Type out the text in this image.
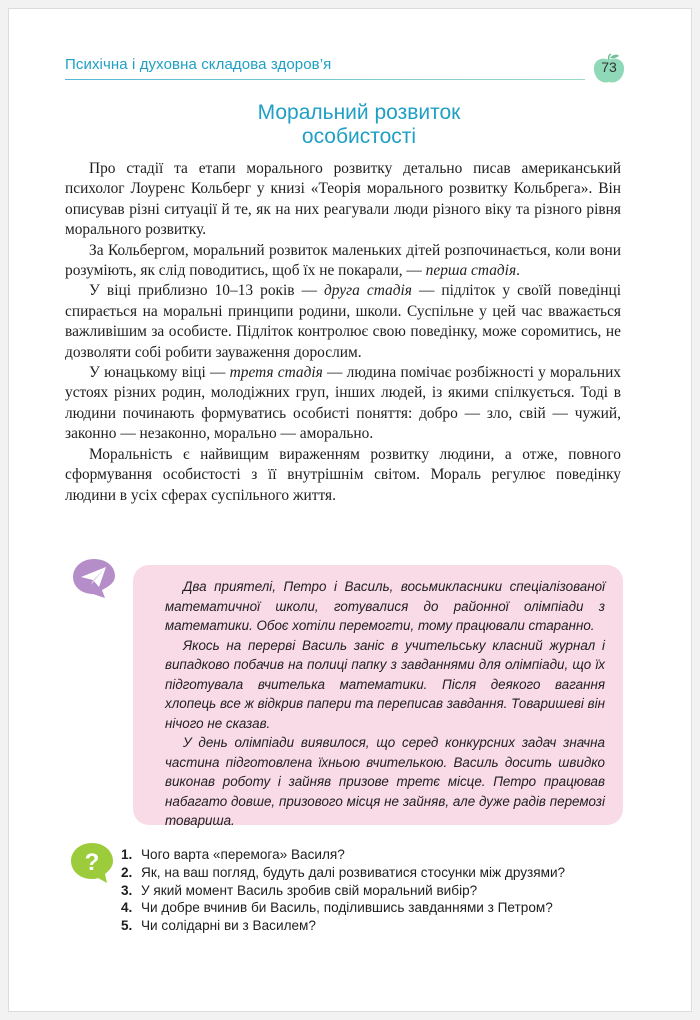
Психічна і духовна складова здоров’я	73
Моральний розвиток
особистості

Про стадії та етапи морального розвитку детально писав американський психолог Лоуренс Кольберг у книзі «Теорія морального розвитку Кольбрега». Він описував різні ситуації й те, як на них реагували люди різного віку та різного рівня морального розвитку.

За Кольбергом, моральний розвиток маленьких дітей розпочинається, коли вони розуміють, як слід поводитись, щоб їх не покарали, — перша стадія.

У віці приблизно 10–13 років — друга стадія — підліток у своїй поведінці спирається на моральні принципи родини, школи. Суспільне у цей час вважається важливішим за особисте. Підліток контролює свою поведінку, може соромитись, не дозволяти собі робити зауваження дорослим.

У юнацькому віці — третя стадія — людина помічає розбіжності у моральних устоях різних родин, молодіжних груп, інших людей, із якими спілкується. Тоді в людини починають формуватись особисті поняття: добро — зло, свій — чужий, законно — незаконно, морально — аморально.

Моральність є найвищим вираженням розвитку людини, а отже, повного сформування особистості з її внутрішнім світом. Мораль регулює поведінку людини в усіх сферах суспільного життя.

Два приятелі, Петро і Василь, восьмикласники спеціалізованої математичної школи, готувалися до районної олімпіади з математики. Обоє хотіли перемогти, тому працювали старанно.

Якось на перерві Василь заніс в учительську класний журнал і випадково побачив на полиці папку з завданнями для олімпіади, що їх підготувала вчителька математики. Після деякого вагання хлопець все ж відкрив папери та переписав завдання. Товаришеві він нічого не сказав.

У день олімпіади виявилося, що серед конкурсних задач значна частина підготовлена їхньою вчителькою. Василь досить швидко виконав роботу і зайняв призове третє місце. Петро працював набагато довше, призового місця не зайняв, але дуже радів перемозі товариша.

? 1. Чого варта «перемога» Василя?
2. Як, на ваш погляд, будуть далі розвиватися стосунки між друзями?
3. У який момент Василь зробив свій моральний вибір?
4. Чи добре вчинив би Василь, поділившись завданнями з Петром?
5. Чи солідарні ви з Василем?
